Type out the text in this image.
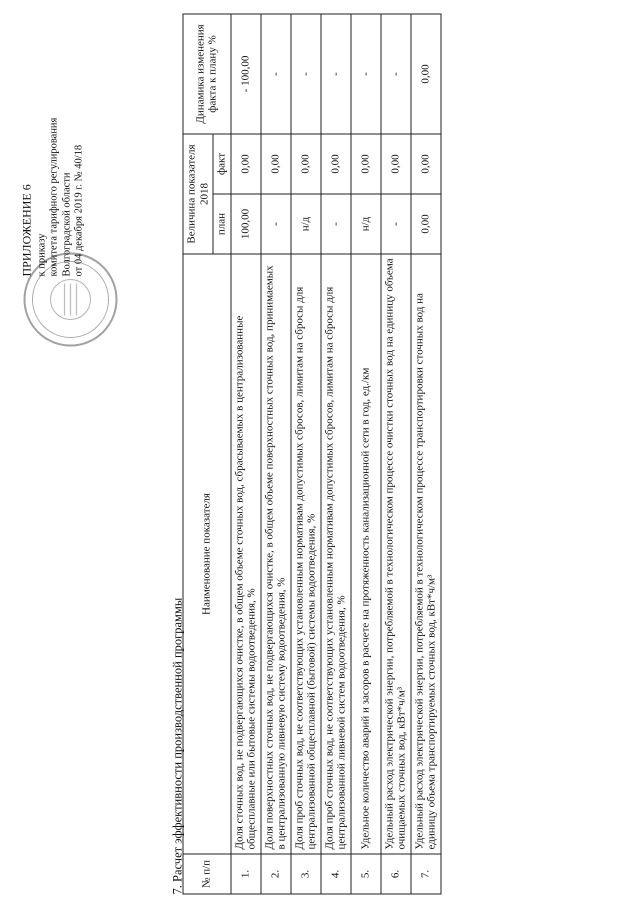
ПРИЛОЖЕНИЕ 6 к приказу комитета тарифного регулирования Волгоградской области от 04 декабря 2019 г. № 40/18
7. Расчет эффективности производственной программы № п/п	Наименование показателя	Величина показателя 2018		Динамика изменения факта к плану %
		план	факт	
1.	Доля сточных вод, не подвергающихся очистке, в общем объеме сточных вод, сбрасываемых в централизованные общесплавные или бытовые системы водоотведения, %	100,00	0,00	- 100,00
2.	Доля поверхностных сточных вод, не подвергающихся очистке, в общем объеме поверхностных сточных вод, принимаемых в централизованную ливневую систему водоотведения, %	-	0,00	-
3.	Доля проб сточных вод, не соответствующих установленным нормативам допустимых сбросов, лимитам на сбросы для централизованной общесплавной (бытовой) системы водоотведения, %	н/д	0,00	-
4.	Доля проб сточных вод, не соответствующих установленным нормативам допустимых сбросов, лимитам на сбросы для централизованной ливневой систем водоотведения, %	-	0,00	-
5.	Удельное количество аварий и засоров в расчете на протяженность канализационной сети в год, ед./км	н/д	0,00	-
6.	Удельный расход электрической энергии, потребляемой в технологическом процессе очистки сточных вод на единицу объема очищаемых сточных вод, кВт*ч/м³	-	0,00	-
7.	Удельный расход электрической энергии, потребляемой в технологическом процессе транспортировки сточных вод на единицу объема транспортируемых сточных вод, кВт*ч/м³	0,00	0,00	0,00
